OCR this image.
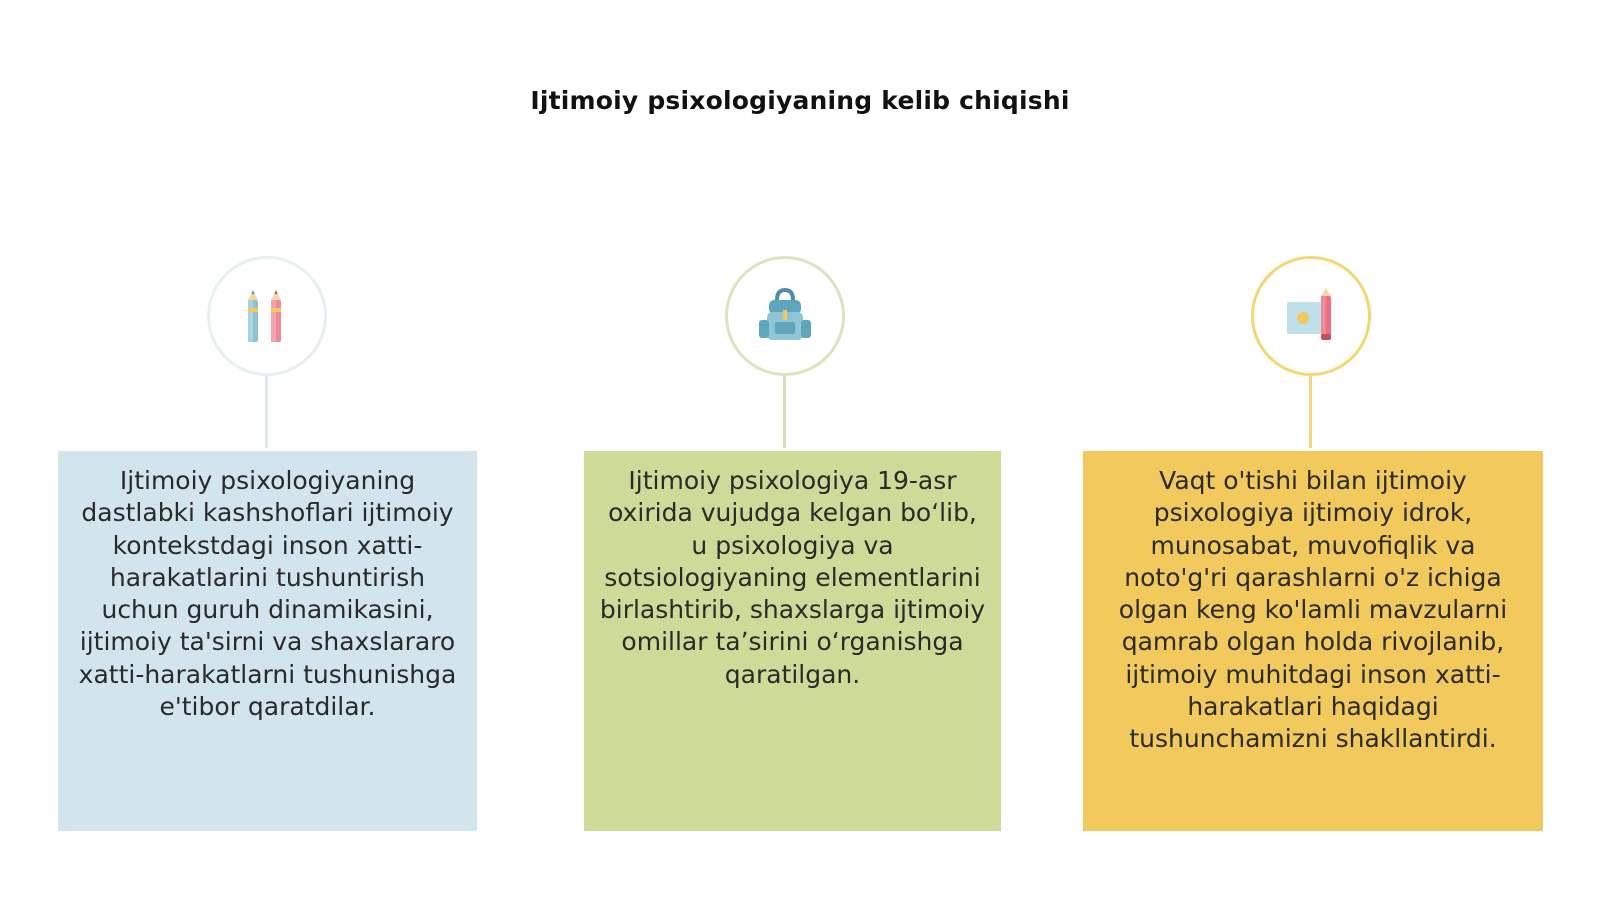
Ijtimoiy psixologiyaning kelib chiqishi
Ijtimoiy psixologiyaning dastlabki kashshoflari ijtimoiy kontekstdagi inson xatti-harakatlarini tushuntirish uchun guruh dinamikasini, ijtimoiy ta'sirni va shaxslararo xatti-harakatlarni tushunishga e'tibor qaratdilar.
Ijtimoiy psixologiya 19-asr oxirida vujudga kelgan boʻlib, u psixologiya va sotsiologiyaning elementlarini birlashtirib, shaxslarga ijtimoiy omillar taʼsirini oʻrganishga qaratilgan.
Vaqt o'tishi bilan ijtimoiy psixologiya ijtimoiy idrok, munosabat, muvofiqlik va noto'g'ri qarashlarni o'z ichiga olgan keng ko'lamli mavzularni qamrab olgan holda rivojlanib, ijtimoiy muhitdagi inson xatti-harakatlari haqidagi tushunchamizni shakllantirdi.
